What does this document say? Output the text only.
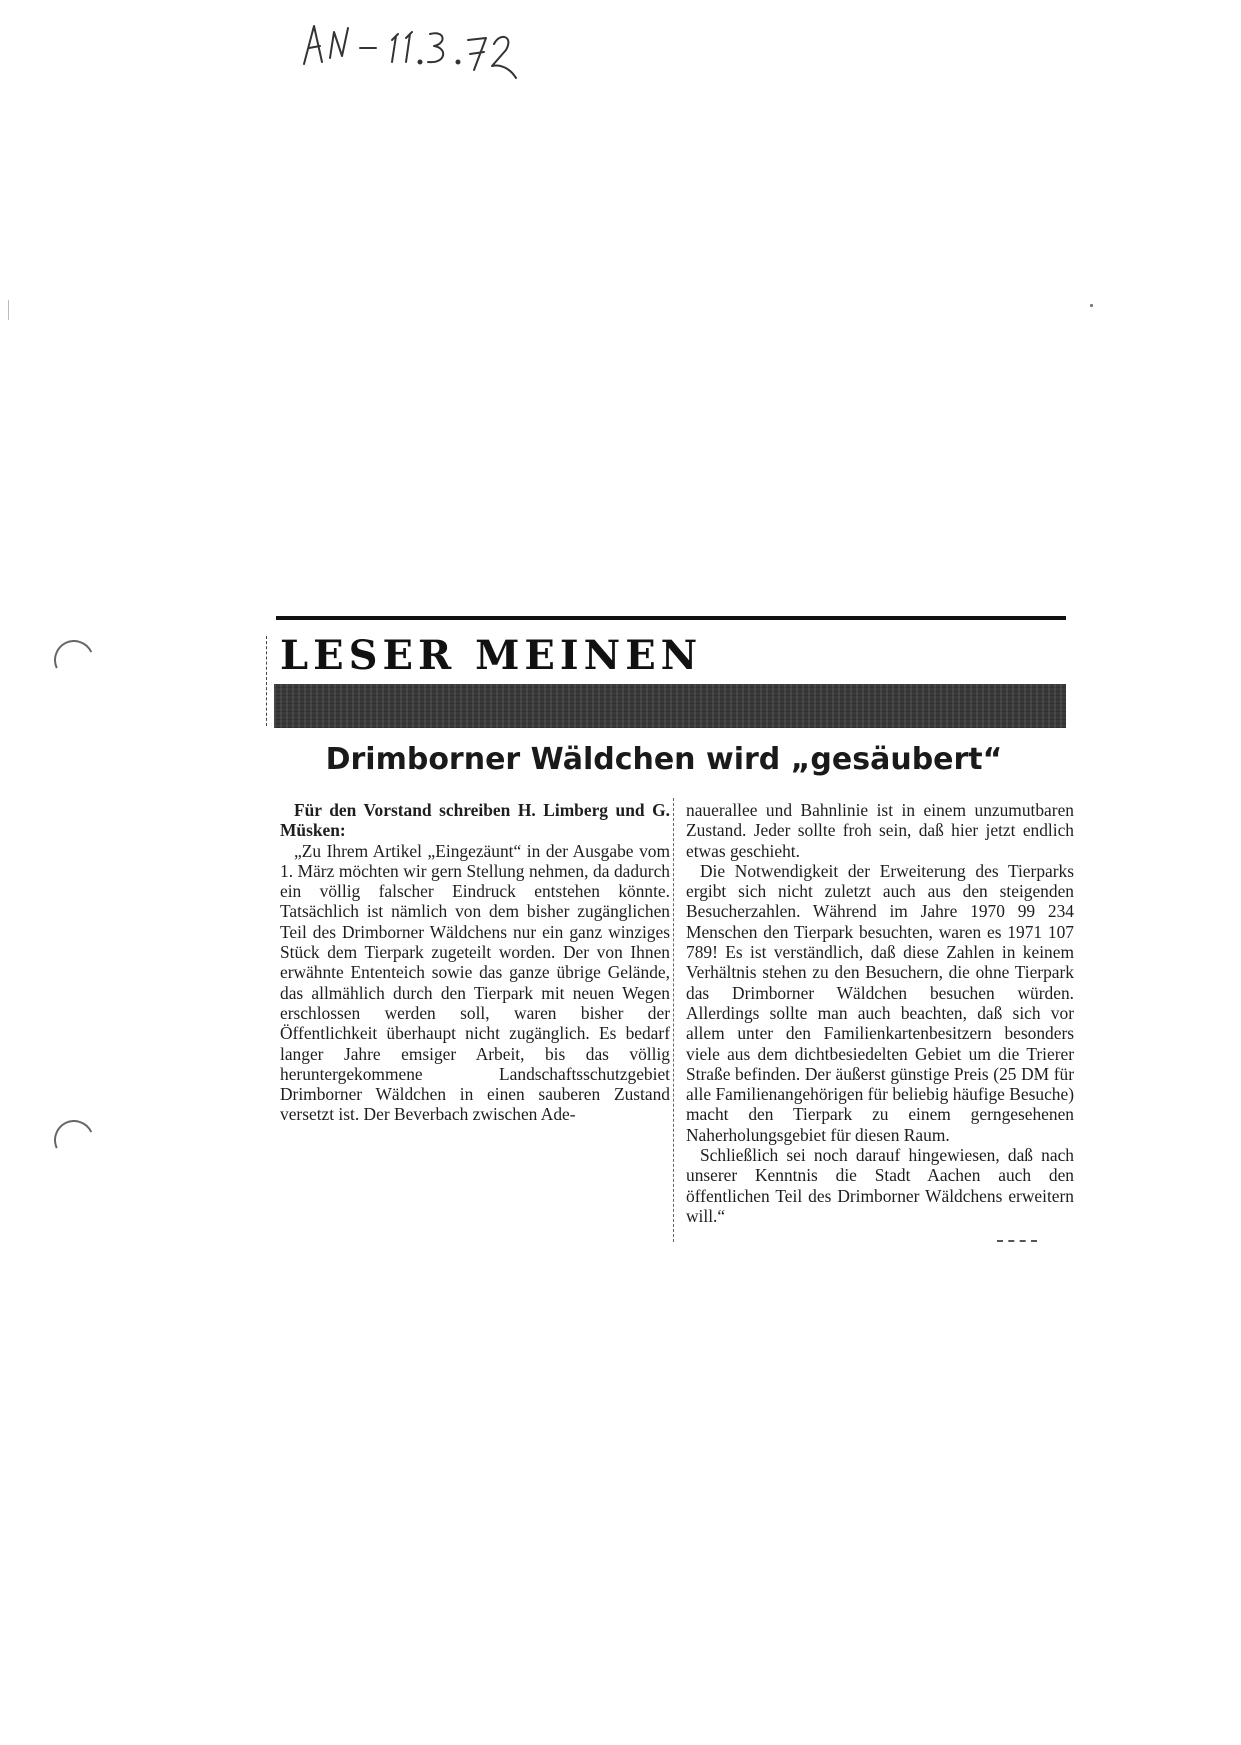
LESER MEINEN
Drimborner Wäldchen wird „gesäubert“

Für den Vorstand schreiben H. Limberg und G. Müsken:

„Zu Ihrem Artikel „Eingezäunt“ in der Ausgabe vom 1. März möchten wir gern Stellung nehmen, da dadurch ein völlig falscher Eindruck entstehen könnte. Tatsächlich ist nämlich von dem bisher zugänglichen Teil des Drimborner Wäldchens nur ein ganz winziges Stück dem Tierpark zugeteilt worden. Der von Ihnen erwähnte Ententeich sowie das ganze übrige Gelände, das allmählich durch den Tierpark mit neuen Wegen erschlossen werden soll, waren bisher der Öffentlichkeit überhaupt nicht zugänglich. Es bedarf langer Jahre emsiger Arbeit, bis das völlig heruntergekommene Landschaftsschutzgebiet Drimborner Wäldchen in einen sauberen Zustand versetzt ist. Der Beverbach zwischen Ade-

nauerallee und Bahnlinie ist in einem unzumutbaren Zustand. Jeder sollte froh sein, daß hier jetzt endlich etwas geschieht.

Die Notwendigkeit der Erweiterung des Tierparks ergibt sich nicht zuletzt auch aus den steigenden Besucherzahlen. Während im Jahre 1970 99 234 Menschen den Tierpark besuchten, waren es 1971 107 789! Es ist verständlich, daß diese Zahlen in keinem Verhältnis stehen zu den Besuchern, die ohne Tierpark das Drimborner Wäldchen besuchen würden. Allerdings sollte man auch beachten, daß sich vor allem unter den Familienkartenbesitzern besonders viele aus dem dichtbesiedelten Gebiet um die Trierer Straße befinden. Der äußerst günstige Preis (25 DM für alle Familienangehörigen für beliebig häufige Besuche) macht den Tierpark zu einem gerngesehenen Naherholungsgebiet für diesen Raum.

Schließlich sei noch darauf hingewiesen, daß nach unserer Kenntnis die Stadt Aachen auch den öffentlichen Teil des Drimborner Wäldchens erweitern will.“
